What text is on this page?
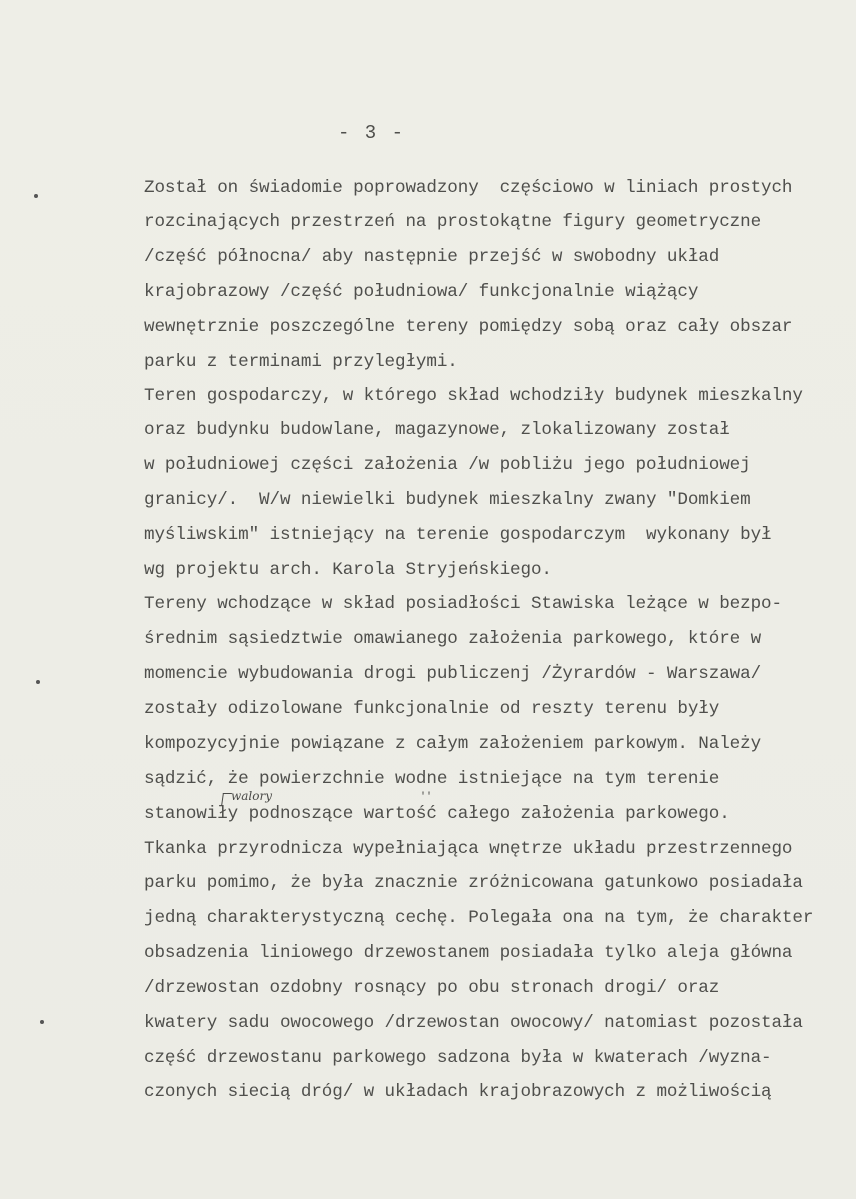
- 3 -
Został on świadomie poprowadzony  częściowo w liniach prostych
rozcinających przestrzeń na prostokątne figury geometryczne
/część północna/ aby następnie przejść w swobodny układ
krajobrazowy /część południowa/ funkcjonalnie wiążący
wewnętrznie poszczególne tereny pomiędzy sobą oraz cały obszar
parku z terminami przyległymi.
Teren gospodarczy, w którego skład wchodziły budynek mieszkalny
oraz budynku budowlane, magazynowe, zlokalizowany został
w południowej części założenia /w pobliżu jego południowej
granicy/.  W/w niewielki budynek mieszkalny zwany "Domkiem
myśliwskim" istniejący na terenie gospodarczym  wykonany był
wg projektu arch. Karola Stryjeńskiego.
Tereny wchodzące w skład posiadłości Stawiska leżące w bezpo-
średnim sąsiedztwie omawianego założenia parkowego, które w
momencie wybudowania drogi publiczenj /Żyrardów - Warszawa/
zostały odizolowane funkcjonalnie od reszty terenu były
kompozycyjnie powiązane z całym założeniem parkowym. Należy
sądzić, że powierzchnie wodne istniejące na tym terenie
stanowiły podnoszące wartość całego założenia parkowego.
Tkanka przyrodnicza wypełniająca wnętrze układu przestrzennego
parku pomimo, że była znacznie zróżnicowana gatunkowo posiadała
jedną charakterystyczną cechę. Polegała ona na tym, że charakter
obsadzenia liniowego drzewostanem posiadała tylko aleja główna
/drzewostan ozdobny rosnący po obu stronach drogi/ oraz
kwatery sadu owocowego /drzewostan owocowy/ natomiast pozostała
część drzewostanu parkowego sadzona była w kwaterach /wyzna-
czonych siecią dróg/ w układach krajobrazowych z możliwością
walory	''
